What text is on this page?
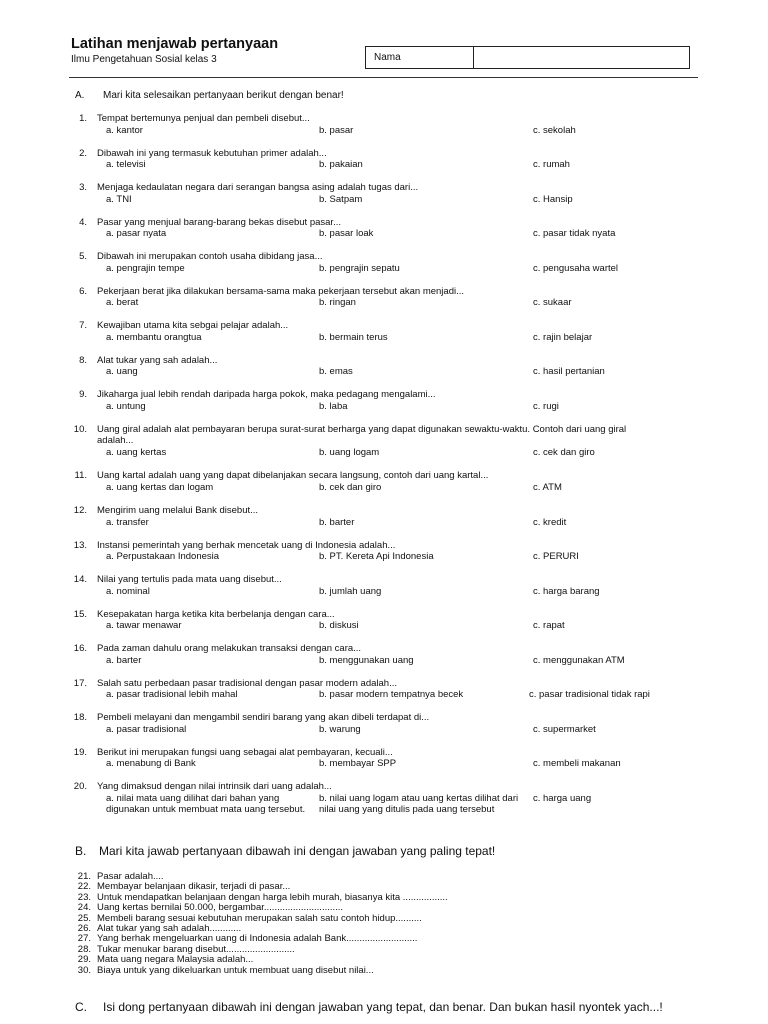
Latihan menjawab pertanyaan
Ilmu Pengetahuan Sosial kelas 3	Nama
A. Mari kita selesaikan pertanyaan berikut dengan benar!
1. Tempat bertemunya penjual dan pembeli disebut...
a. kantor	b. pasar	c. sekolah
2. Dibawah ini yang termasuk kebutuhan primer adalah...
a. televisi	b. pakaian	c. rumah
3. Menjaga kedaulatan negara dari serangan bangsa asing adalah tugas dari...
a. TNI	b. Satpam	c. Hansip
4. Pasar yang menjual barang-barang bekas disebut pasar...
a. pasar nyata	b. pasar loak	c. pasar tidak nyata
5. Dibawah ini merupakan contoh usaha dibidang jasa...
a. pengrajin tempe	b. pengrajin sepatu	c. pengusaha wartel
6. Pekerjaan berat jika dilakukan bersama-sama maka pekerjaan tersebut akan menjadi...
a. berat	b. ringan	c. sukaar
7. Kewajiban utama kita sebgai pelajar adalah...
a. membantu orangtua	b. bermain terus	c. rajin belajar
8. Alat tukar yang sah adalah...
a. uang	b. emas	c. hasil pertanian
9. Jikaharga jual lebih rendah daripada harga pokok, maka pedagang mengalami...
a. untung	b. laba	c. rugi
10. Uang giral adalah alat pembayaran berupa surat-surat berharga yang dapat digunakan sewaktu-waktu. Contoh dari uang giral
adalah...
a. uang kertas	b. uang logam	c. cek dan giro
11. Uang kartal adalah uang yang dapat dibelanjakan secara langsung, contoh dari uang kartal...
a. uang kertas dan logam	b. cek dan giro	c. ATM
12. Mengirim uang melalui Bank disebut...
a. transfer	b. barter	c. kredit
13. Instansi pemerintah yang berhak mencetak uang di Indonesia adalah...
a. Perpustakaan Indonesia	b. PT. Kereta Api Indonesia	c. PERURI
14. Nilai yang tertulis pada mata uang disebut...
a. nominal	b. jumlah uang	c. harga barang
15. Kesepakatan harga ketika kita berbelanja dengan cara...
a. tawar menawar	b. diskusi	c. rapat
16. Pada zaman dahulu orang melakukan transaksi dengan cara...
a. barter	b. menggunakan uang	c. menggunakan ATM
17. Salah satu perbedaan pasar tradisional dengan pasar modern adalah...
a. pasar tradisional lebih mahal	b. pasar modern tempatnya becek	c. pasar tradisional tidak rapi
18. Pembeli melayani dan mengambil sendiri barang yang akan dibeli terdapat di...
a. pasar tradisional	b. warung	c. supermarket
19. Berikut ini merupakan fungsi uang sebagai alat pembayaran, kecuali...
a. menabung di Bank	b. membayar SPP	c. membeli makanan
20. Yang dimaksud dengan nilai intrinsik dari uang adalah...
a. nilai mata uang dilihat dari bahan yang digunakan untuk membuat mata uang tersebut.
b. nilai uang logam atau uang kertas dilihat dari nilai uang yang ditulis pada uang tersebut
c. harga uang
B. Mari kita jawab pertanyaan dibawah ini dengan jawaban yang paling tepat!
21. Pasar adalah....
22. Membayar belanjaan dikasir, terjadi di pasar...
23. Untuk mendapatkan belanjaan dengan harga lebih murah, biasanya kita .................
24. Uang kertas bernilai 50.000, bergambar..............................
25. Membeli barang sesuai kebutuhan merupakan salah satu contoh hidup..........
26. Alat tukar yang sah adalah............
27. Yang berhak mengeluarkan uang di Indonesia adalah Bank...........................
28. Tukar menukar barang disebut..........................
29. Mata uang negara Malaysia adalah...
30. Biaya untuk yang dikeluarkan untuk membuat uang disebut nilai...
C. Isi dong pertanyaan dibawah ini dengan jawaban yang tepat, dan benar. Dan bukan hasil nyontek yach...!
